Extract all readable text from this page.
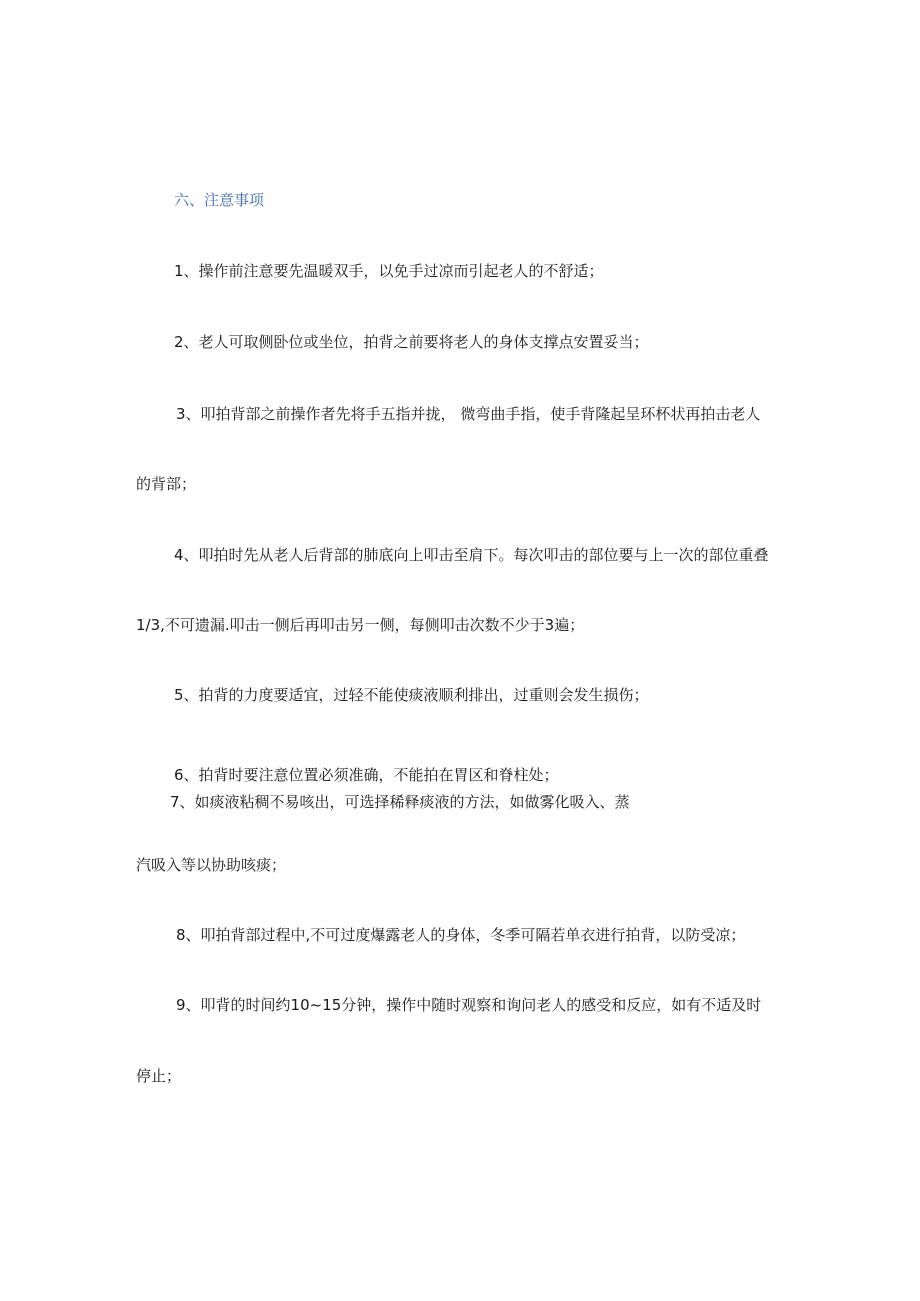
六、注意事项
1、操作前注意要先温暖双手，以免手过凉而引起老人的不舒适；
2、老人可取侧卧位或坐位，拍背之前要将老人的身体支撑点安置妥当；
3、叩拍背部之前操作者先将手五指并拢， 微弯曲手指，使手背隆起呈环杯状再拍击老人
的背部；
4、叩拍时先从老人后背部的肺底向上叩击至肩下。每次叩击的部位要与上一次的部位重叠
1/3,不可遗漏.叩击一侧后再叩击另一侧，每侧叩击次数不少于3遍；
5、拍背的力度要适宜，过轻不能使痰液顺利排出，过重则会发生损伤；
6、拍背时要注意位置必须准确，不能拍在胃区和脊柱处；
7、如痰液粘稠不易咳出，可选择稀释痰液的方法，如做雾化吸入、蒸
汽吸入等以协助咳痰；
8、叩拍背部过程中,不可过度爆露老人的身体，冬季可隔若单衣进行拍背，以防受凉；
9、叩背的时间约10~15分钟，操作中随时观察和询问老人的感受和反应，如有不适及时
停止；
